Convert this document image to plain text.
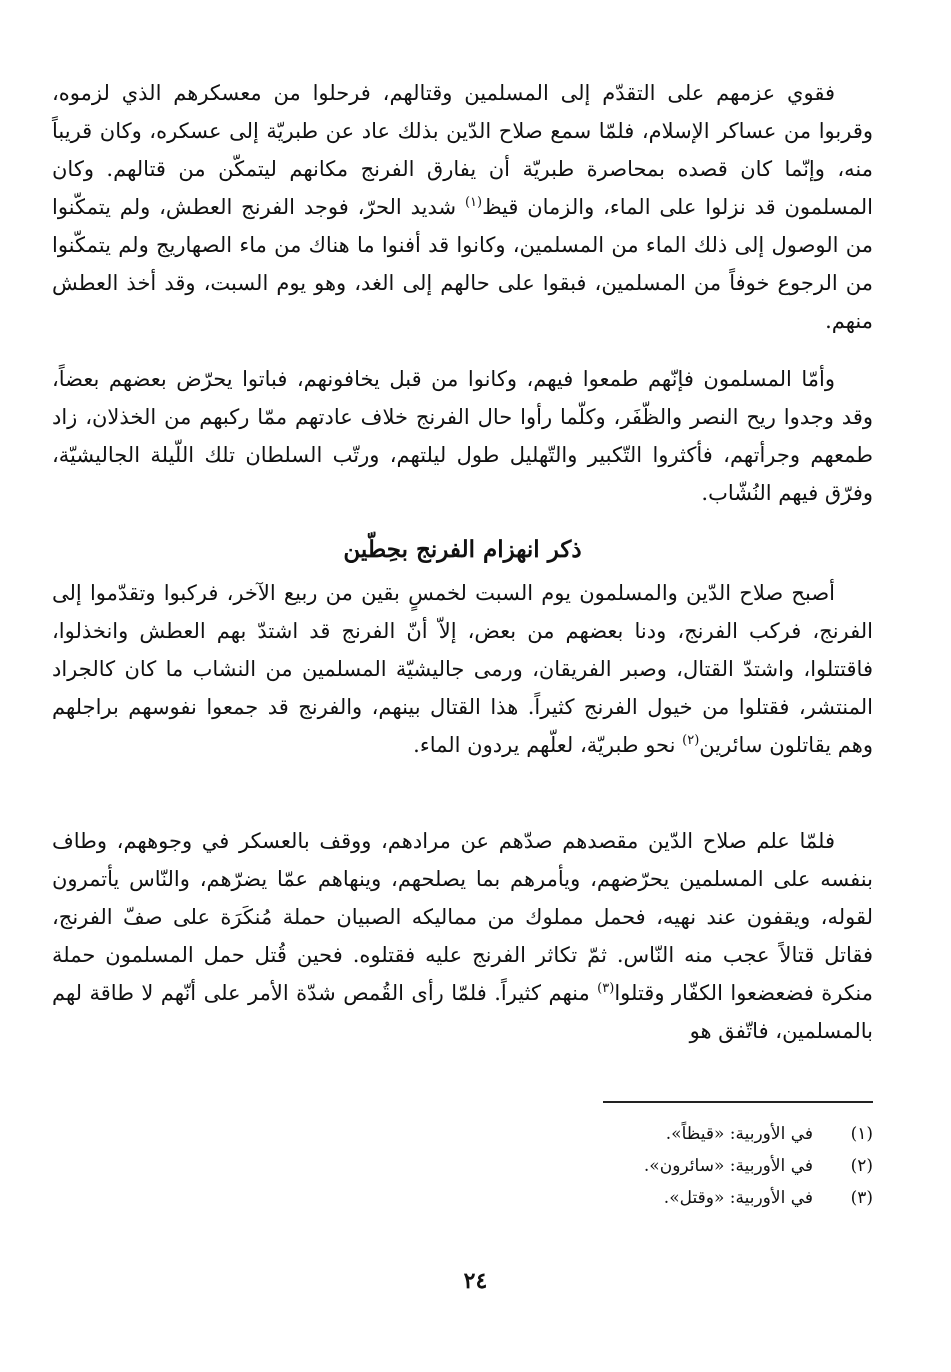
فقوي عزمهم على التقدّم إلى المسلمين وقتالهم، فرحلوا من معسكرهم الذي لزموه، وقربوا من عساكر الإسلام، فلمّا سمع صلاح الدّين بذلك عاد عن طبريّة إلى عسكره، وكان قريباً منه، وإنّما كان قصده بمحاصرة طبريّة أن يفارق الفرنج مكانهم ليتمكّن من قتالهم. وكان المسلمون قد نزلوا على الماء، والزمان قيظ$^{(١)}$ شديد الحرّ، فوجد الفرنج العطش، ولم يتمكّنوا من الوصول إلى ذلك الماء من المسلمين، وكانوا قد أفنوا ما هناك من ماء الصهاريج ولم يتمكّنوا من الرجوع خوفاً من المسلمين، فبقوا على حالهم إلى الغد، وهو يوم السبت، وقد أخذ العطش منهم.

وأمّا المسلمون فإنّهم طمعوا فيهم، وكانوا من قبل يخافونهم، فباتوا يحرّض بعضهم بعضاً، وقد وجدوا ريح النصر والظّفَر، وكلّما رأوا حال الفرنج خلاف عادتهم ممّا ركبهم من الخذلان، زاد طمعهم وجرأتهم، فأكثروا التّكبير والتّهليل طول ليلتهم، ورتّب السلطان تلك اللّيلة الجاليشيّة، وفرّق فيهم النُشّاب.

ذكر انهزام الفرنج بحِطّين

أصبح صلاح الدّين والمسلمون يوم السبت لخمسٍ بقين من ربيع الآخر، فركبوا وتقدّموا إلى الفرنج، فركب الفرنج، ودنا بعضهم من بعض، إلاّ أنّ الفرنج قد اشتدّ بهم العطش وانخذلوا، فاقتتلوا، واشتدّ القتال، وصبر الفريقان، ورمى جاليشيّة المسلمين من النشاب ما كان كالجراد المنتشر، فقتلوا من خيول الفرنج كثيراً. هذا القتال بينهم، والفرنج قد جمعوا نفوسهم براجلهم وهم يقاتلون سائرين$^{(٢)}$ نحو طبريّة، لعلّهم يردون الماء.

فلمّا علم صلاح الدّين مقصدهم صدّهم عن مرادهم، ووقف بالعسكر في وجوههم، وطاف بنفسه على المسلمين يحرّضهم، ويأمرهم بما يصلحهم، وينهاهم عمّا يضرّهم، والنّاس يأتمرون لقوله، ويقفون عند نهيه، فحمل مملوك من مماليكه الصبيان حملة مُنكَرَة على صفّ الفرنج، فقاتل قتالاً عجب منه النّاس. ثمّ تكاثر الفرنج عليه فقتلوه. فحين قُتل حمل المسلمون حملة منكرة فضعضعوا الكفّار وقتلوا$^{(٣)}$ منهم كثيراً. فلمّا رأى القُمص شدّة الأمر على أنّهم لا طاقة لهم بالمسلمين، فاتّفق هو

(١)
في الأوربية: «قيظاً».
(٢)
في الأوربية: «سائرون».
(٣)
في الأوربية: «وقتل».
٢٤
